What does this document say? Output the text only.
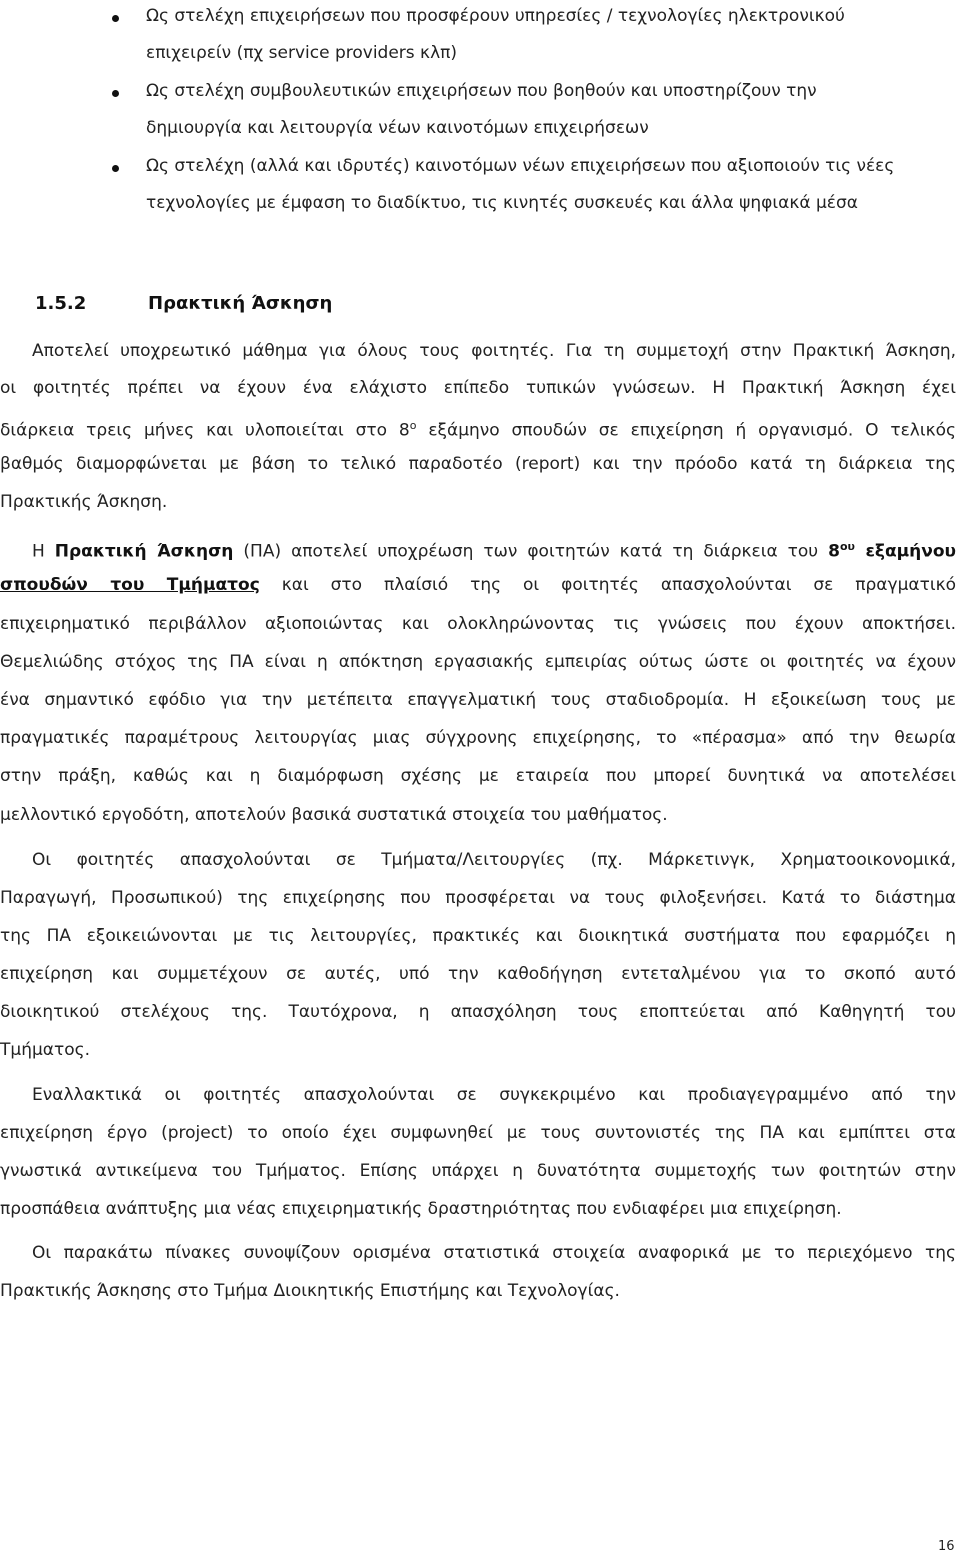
Ως στελέχη επιχειρήσεων που προσφέρουν υπηρεσίες / τεχνολογίες ηλεκτρονικού
επιχειρείν (πχ service providers κλπ)
Ως στελέχη συμβουλευτικών επιχειρήσεων που βοηθούν και υποστηρίζουν την
δημιουργία και λειτουργία νέων καινοτόμων επιχειρήσεων
Ως στελέχη (αλλά και ιδρυτές) καινοτόμων νέων επιχειρήσεων που αξιοποιούν τις νέες
τεχνολογίες με έμφαση το διαδίκτυο, τις κινητές συσκευές και άλλα ψηφιακά μέσα
1.5.2	Πρακτική Άσκηση
Αποτελεί υποχρεωτικό μάθημα για όλους τους φοιτητές. Για τη συμμετοχή στην Πρακτική Άσκηση,
οι φοιτητές πρέπει να έχουν ένα ελάχιστο επίπεδο τυπικών γνώσεων. Η Πρακτική Άσκηση έχει
διάρκεια τρεις μήνες και υλοποιείται στο $8^o$ εξάμηνο σπουδών σε επιχείρηση ή οργανισμό. Ο τελικός
βαθμός διαμορφώνεται με βάση το τελικό παραδοτέο (report) και την πρόοδο κατά τη διάρκεια της
Πρακτικής Άσκηση.
Η Πρακτική Άσκηση (ΠΑ) αποτελεί υποχρέωση των φοιτητών κατά τη διάρκεια του $8^{o\upsilon}$ εξαμήνου
σπουδών του Τμήματος και στο πλαίσιό της οι φοιτητές απασχολούνται σε πραγματικό
επιχειρηματικό περιβάλλον αξιοποιώντας και ολοκληρώνοντας τις γνώσεις που έχουν αποκτήσει.
Θεμελιώδης στόχος της ΠΑ είναι η απόκτηση εργασιακής εμπειρίας ούτως ώστε οι φοιτητές να έχουν
ένα σημαντικό εφόδιο για την μετέπειτα επαγγελματική τους σταδιοδρομία. Η εξοικείωση τους με
πραγματικές παραμέτρους λειτουργίας μιας σύγχρονης επιχείρησης, το «πέρασμα» από την θεωρία
στην πράξη, καθώς και η διαμόρφωση σχέσης με εταιρεία που μπορεί δυνητικά να αποτελέσει
μελλοντικό εργοδότη, αποτελούν βασικά συστατικά στοιχεία του μαθήματος.
Οι φοιτητές απασχολούνται σε Τμήματα/Λειτουργίες (πχ. Μάρκετινγκ, Χρηματοοικονομικά,
Παραγωγή, Προσωπικού) της επιχείρησης που προσφέρεται να τους φιλοξενήσει. Κατά το διάστημα
της ΠΑ εξοικειώνονται με τις λειτουργίες, πρακτικές και διοικητικά συστήματα που εφαρμόζει η
επιχείρηση και συμμετέχουν σε αυτές, υπό την καθοδήγηση εντεταλμένου για το σκοπό αυτό
διοικητικού στελέχους της. Ταυτόχρονα, η απασχόληση τους εποπτεύεται από Καθηγητή του
Τμήματος.
Εναλλακτικά οι φοιτητές απασχολούνται σε συγκεκριμένο και προδιαγεγραμμένο από την
επιχείρηση έργο (project) το οποίο έχει συμφωνηθεί με τους συντονιστές της ΠΑ και εμπίπτει στα
γνωστικά αντικείμενα του Τμήματος. Επίσης υπάρχει η δυνατότητα συμμετοχής των φοιτητών στην
προσπάθεια ανάπτυξης μια νέας επιχειρηματικής δραστηριότητας που ενδιαφέρει μια επιχείρηση.
Οι παρακάτω πίνακες συνοψίζουν ορισμένα στατιστικά στοιχεία αναφορικά με το περιεχόμενο της
Πρακτικής Άσκησης στο Τμήμα Διοικητικής Επιστήμης και Τεχνολογίας.
16
